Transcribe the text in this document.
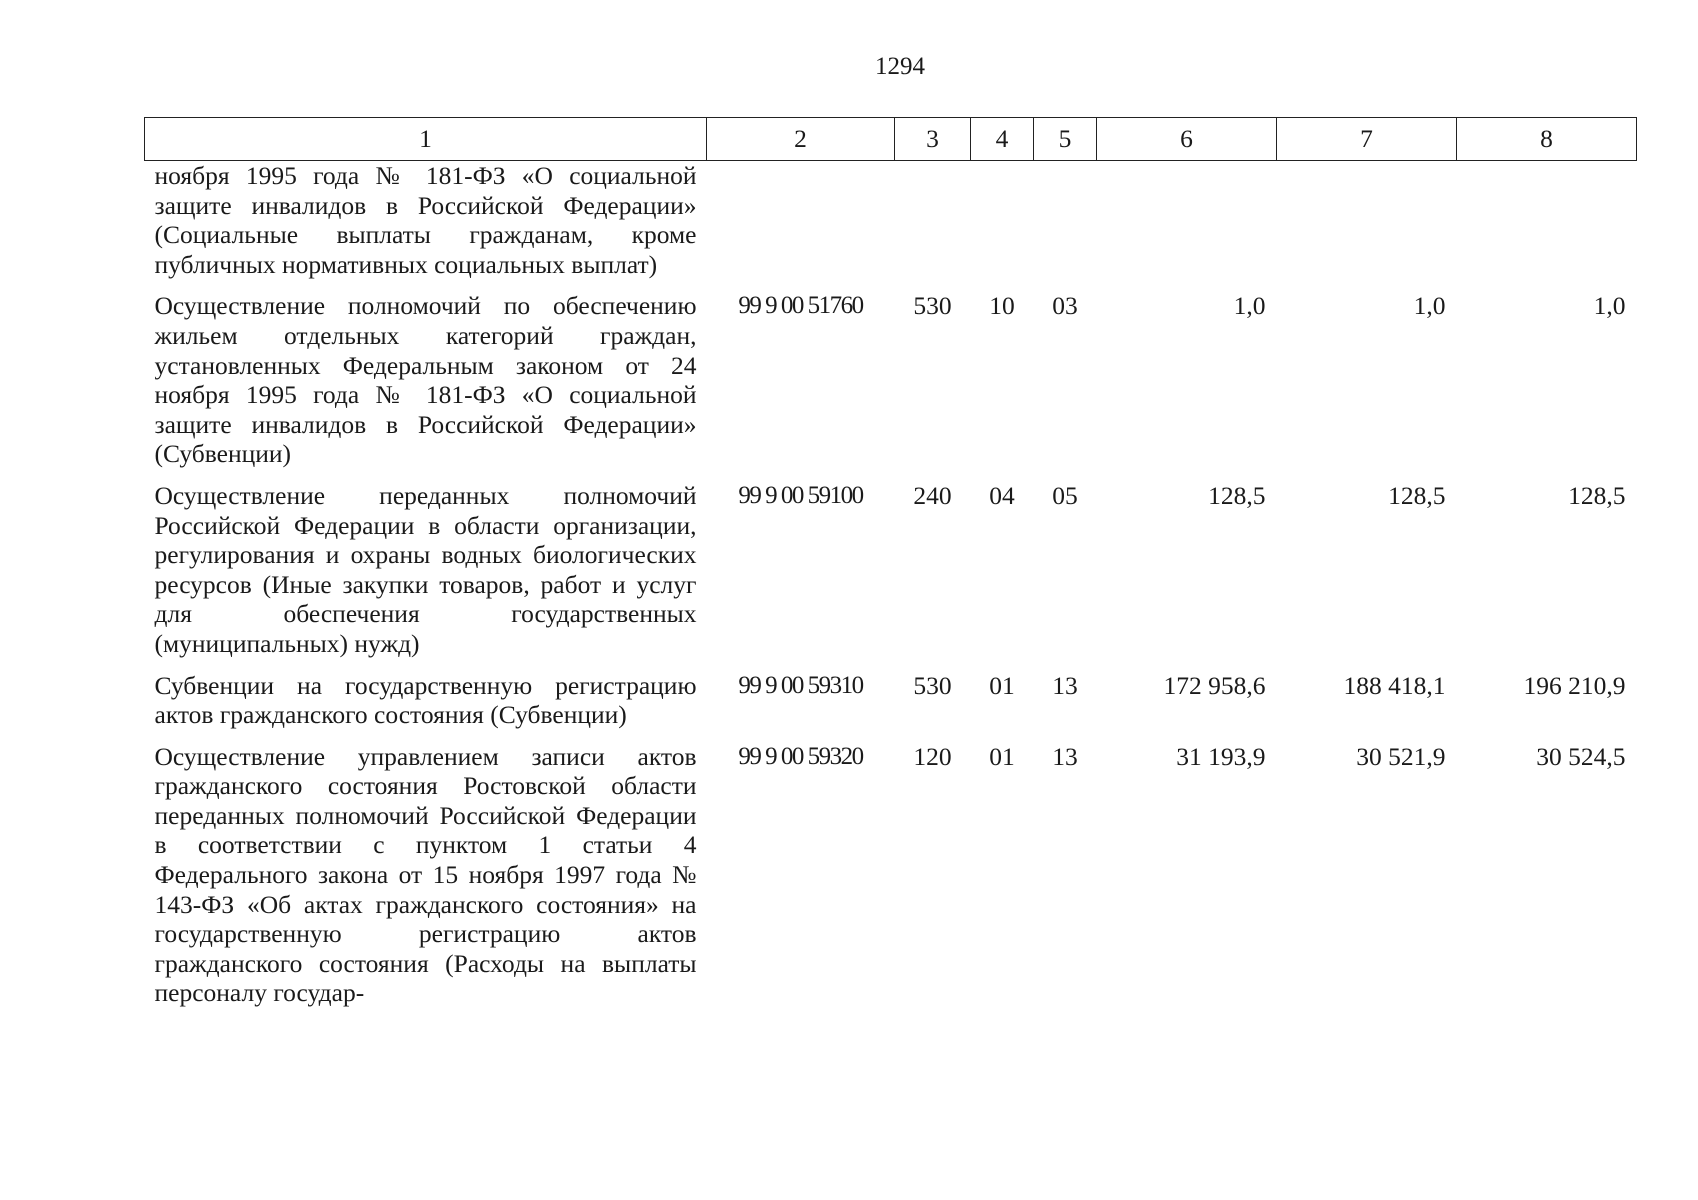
1294
1	2	3	4	5	6	7	8
ноября 1995 года № 181-ФЗ «О социальной защите инвалидов в Российской Федерации» (Социальные выплаты гражданам, кроме публичных нормативных социальных выплат)							
Осуществление полномочий по обеспечению жильем отдельных категорий граждан, установленных Федеральным законом от 24 ноября 1995 года № 181-ФЗ «О социальной защите инвалидов в Российской Федерации» (Субвенции)	99 9 00 51760	530	10	03	1,0	1,0	1,0
Осуществление переданных полномочий Российской Федерации в области организации, регулирования и охраны водных биологических ресурсов (Иные закупки товаров, работ и услуг для обеспечения государственных (муниципальных) нужд)	99 9 00 59100	240	04	05	128,5	128,5	128,5
Субвенции на государственную регистрацию актов гражданского состояния (Субвенции)	99 9 00 59310	530	01	13	172 958,6	188 418,1	196 210,9
Осуществление управлением записи актов гражданского состояния Ростовской области переданных полномочий Российской Федерации в соответствии с пунктом 1 статьи 4 Федерального закона от 15 ноября 1997 года № 143-ФЗ «Об актах гражданского состояния» на государственную регистрацию актов гражданского состояния (Расходы на выплаты персоналу государ-	99 9 00 59320	120	01	13	31 193,9	30 521,9	30 524,5
